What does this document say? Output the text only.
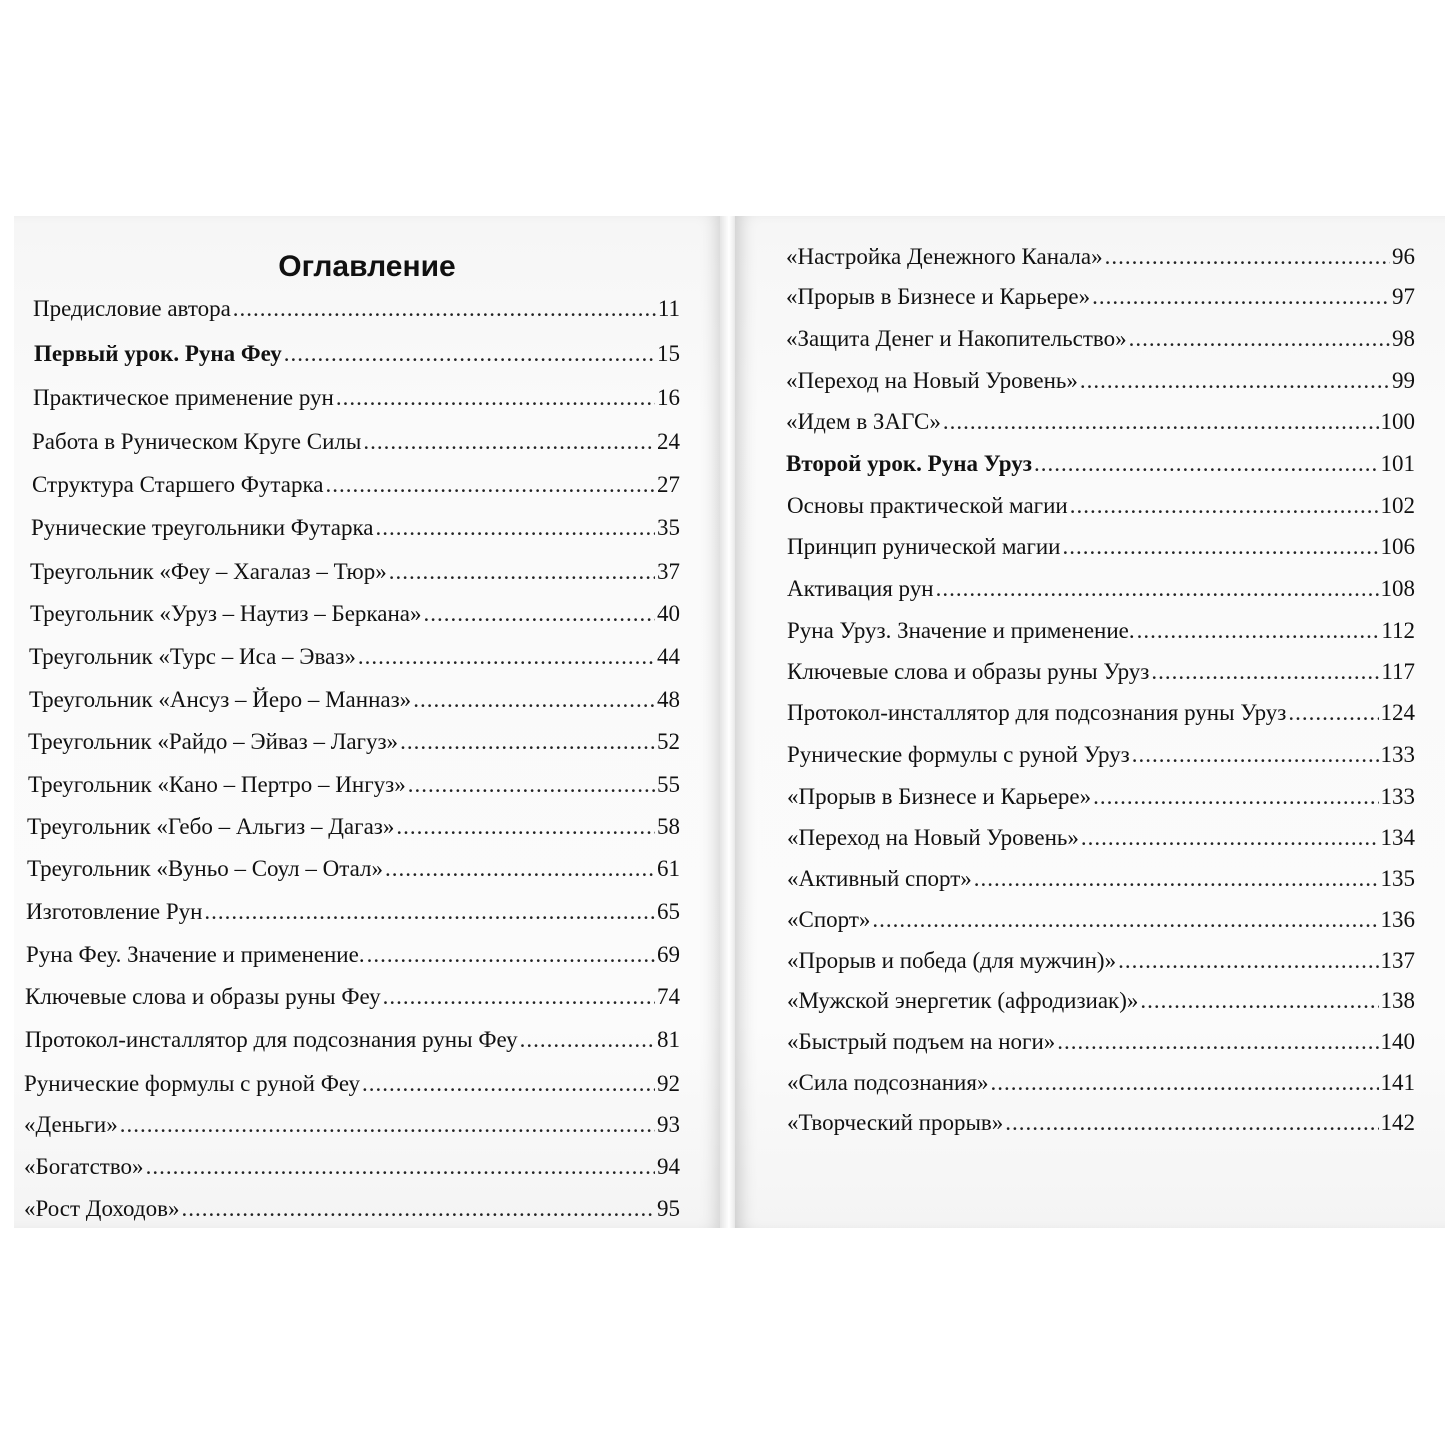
Оглавление
Предисловие автора .....	11
Первый урок. Руна Феу .....	15
Практическое применение рун .....	16
Работа в Руническом Круге Силы .....	24
Структура Старшего Футарка .....	27
Рунические треугольники Футарка .....	35
Треугольник «Феу – Хагалаз – Тюр» .....	37
Треугольник «Уруз – Наутиз – Беркана» .....	40
Треугольник «Турс – Иса – Эваз» .....	44
Треугольник «Ансуз – Йеро – Манназ» .....	48
Треугольник «Райдо – Эйваз – Лагуз» .....	52
Треугольник «Кано – Пертро – Ингуз» .....	55
Треугольник «Гебо – Альгиз – Дагаз» .....	58
Треугольник «Вуньо – Соул – Отал» .....	61
Изготовление Рун .....	65
Руна Феу. Значение и применение. .....	69
Ключевые слова и образы руны Феу .....	74
Протокол-инсталлятор для подсознания руны Феу .....	81
Рунические формулы с руной Феу .....	92
«Деньги» .....	93
«Богатство» .....	94
«Рост Доходов» .....	95
«Настройка Денежного Канала» .....	96
«Прорыв в Бизнесе и Карьере» .....	97
«Защита Денег и Накопительство» .....	98
«Переход на Новый Уровень» .....	99
«Идем в ЗАГС» .....	100
Второй урок. Руна Уруз .....	101
Основы практической магии .....	102
Принцип рунической магии .....	106
Активация рун .....	108
Руна Уруз. Значение и применение. .....	112
Ключевые слова и образы руны Уруз .....	117
Протокол-инсталлятор для подсознания руны Уруз .....	124
Рунические формулы с руной Уруз .....	133
«Прорыв в Бизнесе и Карьере» .....	133
«Переход на Новый Уровень» .....	134
«Активный спорт» .....	135
«Спорт» .....	136
«Прорыв и победа (для мужчин)» .....	137
«Мужской энергетик (афродизиак)» .....	138
«Быстрый подъем на ноги» .....	140
«Сила подсознания» .....	141
«Творческий прорыв» .....	142
